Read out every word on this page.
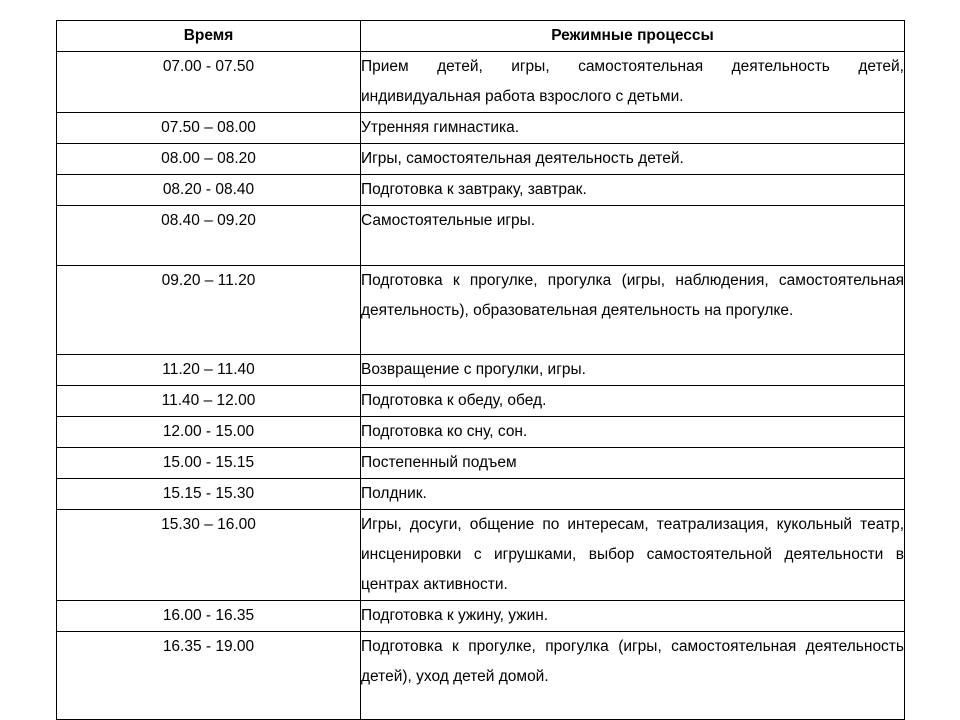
Время	Режимные процессы
07.00 - 07.50	Прием детей, игры, самостоятельная деятельность детей, индивидуальная работа взрослого с детьми.
07.50 – 08.00	Утренняя гимнастика.
08.00 – 08.20	Игры, самостоятельная деятельность детей.
08.20 - 08.40	Подготовка к завтраку, завтрак.
08.40 – 09.20	Самостоятельные игры.
09.20 – 11.20	Подготовка к прогулке, прогулка (игры, наблюдения, самостоятельная деятельность), образовательная деятельность на прогулке.
11.20 – 11.40	Возвращение с прогулки, игры.
11.40 – 12.00	Подготовка к обеду, обед.
12.00 - 15.00	Подготовка ко сну, сон.
15.00 - 15.15	Постепенный подъем
15.15 - 15.30	Полдник.
15.30 – 16.00	Игры, досуги, общение по интересам, театрализация, кукольный театр, инсценировки с игрушками, выбор самостоятельной деятельности в центрах активности.
16.00 - 16.35	Подготовка к ужину, ужин.
16.35 - 19.00	Подготовка к прогулке, прогулка (игры, самостоятельная деятельность детей), уход детей домой.
